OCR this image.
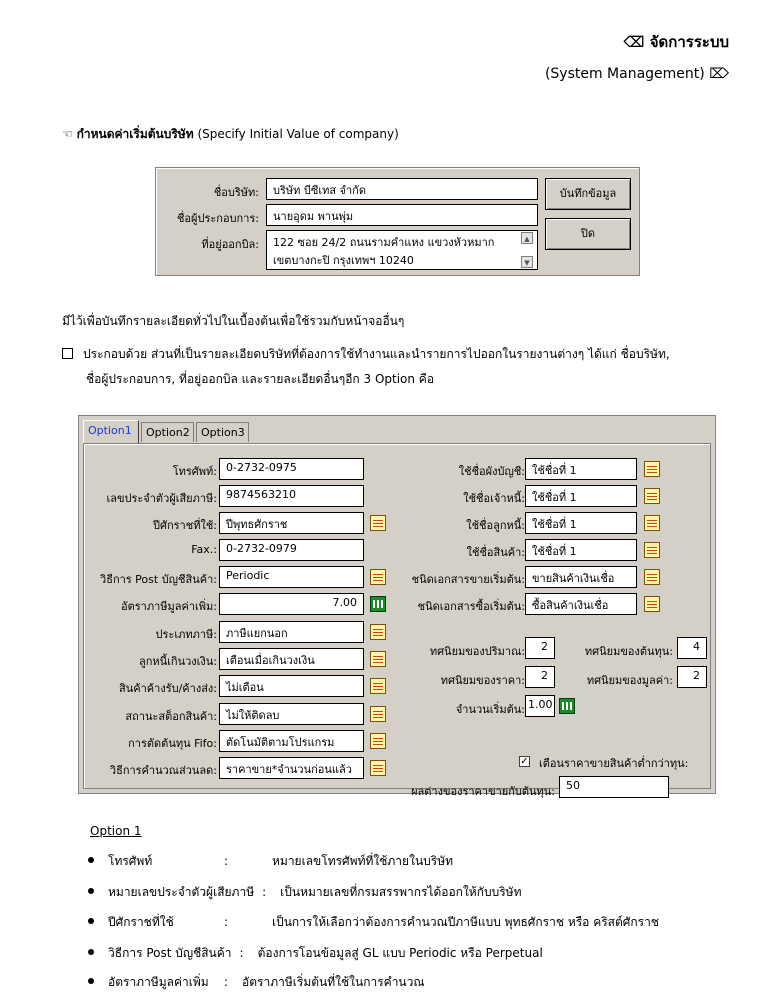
⌫ จัดการระบบ
(System Management) ⌦
☜ กำหนดค่าเริ่มต้นบริษัท (Specify Initial Value of company)
ชื่อบริษัท:	บริษัท บีซีเทส จำกัด
ชื่อผู้ประกอบการ:	นายอุดม พานพุ่ม
ที่อยู่ออกบิล: 122 ซอย 24/2 ถนนรามคำแหง แขวงหัวหมาก
เขตบางกะปิ กรุงเทพฯ 10240
▲
▼
บันทึกข้อมูล
ปิด
มีไว้เพื่อบันทึกรายละเอียดทั่วไปในเบื้องต้นเพื่อใช้รวมกับหน้าจออื่นๆ
ประกอบด้วย ส่วนที่เป็นรายละเอียดบริษัทที่ต้องการใช้ทำงานและนำรายการไปออกในรายงานต่างๆ ได้แก่ ชื่อบริษัท,
ชื่อผู้ประกอบการ, ที่อยู่ออกบิล และรายละเอียดอื่นๆอีก 3 Option คือ
Option1	Option2	Option3
ทศนิยมของปริมาณ:	2	ทศนิยมของต้นทุน:	4
ทศนิยมของราคา:	2	ทศนิยมของมูลค่า:	2
จำนวนเริ่มต้น: 1.00
✓ เตือนราคาขายสินค้าต่ำกว่าทุน:
ผลต่างของราคาขายกับต้นทุน:	50
โทรศัพท์: 0-2732-0975
เลขประจำตัวผู้เสียภาษี: 9874563210
ปีศักราชที่ใช้: ปีพุทธศักราช
Fax.: 0-2732-0979
วิธีการ Post บัญชีสินค้า: Periodic
อัตราภาษีมูลค่าเพิ่ม:	7.00
ประเภทภาษี: ภาษีแยกนอก
ลูกหนี้เกินวงเงิน: เตือนเมื่อเกินวงเงิน
สินค้าค้างรับ/ค้างส่ง: ไม่เตือน
สถานะสต็อกสินค้า: ไม่ให้ติดลบ
การตัดต้นทุน Fifo: ตัดโนมัติตามโปรแกรม
วิธีการคำนวณส่วนลด: ราคาขาย*จำนวนก่อนแล้ว
ใช้ชื่อผังบัญชี: ใช้ชื่อที่ 1
ใช้ชื่อเจ้าหนี้: ใช้ชื่อที่ 1
ใช้ชื่อลูกหนี้: ใช้ชื่อที่ 1
ใช้ชื่อสินค้า: ใช้ชื่อที่ 1
ชนิดเอกสารขายเริ่มต้น: ขายสินค้าเงินเชื่อ
ชนิดเอกสารซื้อเริ่มต้น: ซื้อสินค้าเงินเชื่อ
Option 1
โทรศัพท์	:	หมายเลขโทรศัพท์ที่ใช้ภายในบริษัท
หมายเลขประจำตัวผู้เสียภาษี : เป็นหมายเลขที่กรมสรรพากรได้ออกให้กับบริษัท
ปีศักราชที่ใช้	:	เป็นการให้เลือกว่าต้องการคำนวณปีภาษีแบบ พุทธศักราช หรือ คริสต์ศักราช
วิธีการ Post บัญชีสินค้า : ต้องการโอนข้อมูลสู่ GL แบบ Periodic หรือ Perpetual
อัตราภาษีมูลค่าเพิ่ม : อัตราภาษีเริ่มต้นที่ใช้ในการคำนวณ
